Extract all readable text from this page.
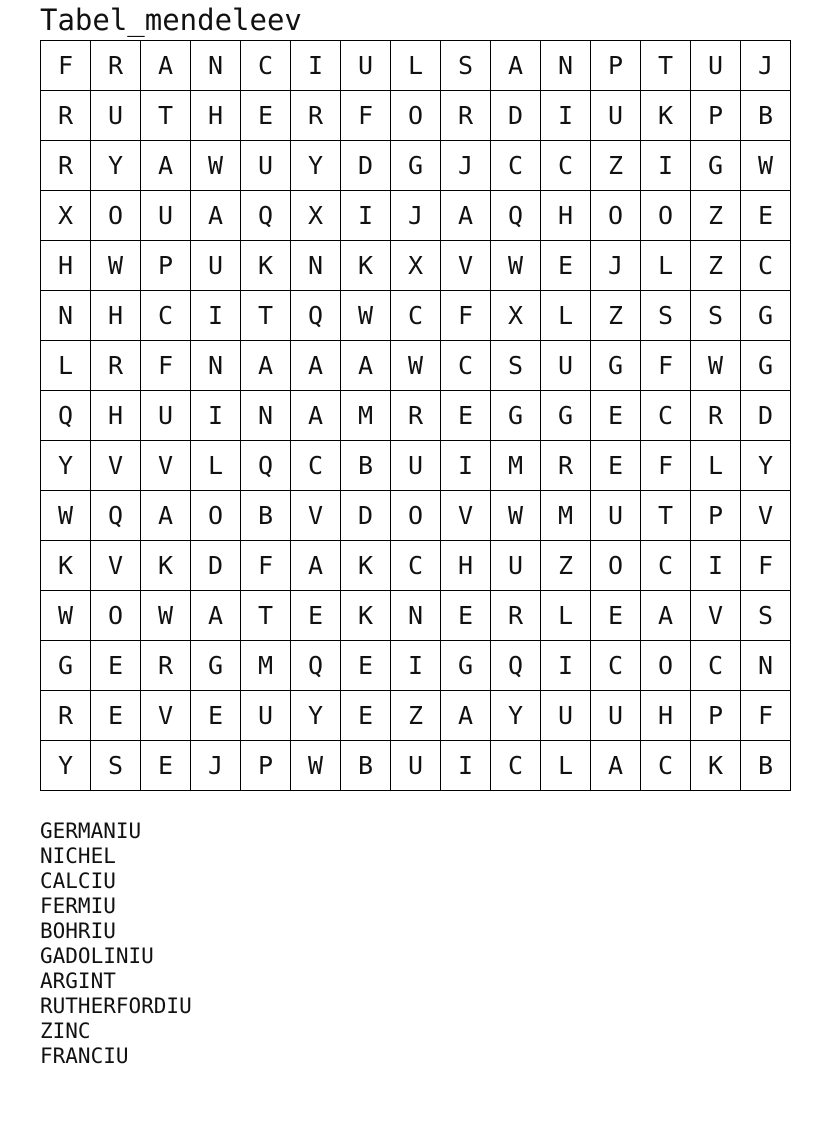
Tabel_mendeleev
F	R	A	N	C	I	U	L	S	A	N	P	T	U	J
R	U	T	H	E	R	F	O	R	D	I	U	K	P	B
R	Y	A	W	U	Y	D	G	J	C	C	Z	I	G	W
X	O	U	A	Q	X	I	J	A	Q	H	O	O	Z	E
H	W	P	U	K	N	K	X	V	W	E	J	L	Z	C
N	H	C	I	T	Q	W	C	F	X	L	Z	S	S	G
L	R	F	N	A	A	A	W	C	S	U	G	F	W	G
Q	H	U	I	N	A	M	R	E	G	G	E	C	R	D
Y	V	V	L	Q	C	B	U	I	M	R	E	F	L	Y
W	Q	A	O	B	V	D	O	V	W	M	U	T	P	V
K	V	K	D	F	A	K	C	H	U	Z	O	C	I	F
W	O	W	A	T	E	K	N	E	R	L	E	A	V	S
G	E	R	G	M	Q	E	I	G	Q	I	C	O	C	N
R	E	V	E	U	Y	E	Z	A	Y	U	U	H	P	F
Y	S	E	J	P	W	B	U	I	C	L	A	C	K	B
GERMANIU
NICHEL
CALCIU
FERMIU
BOHRIU
GADOLINIU
ARGINT
RUTHERFORDIU
ZINC
FRANCIU
